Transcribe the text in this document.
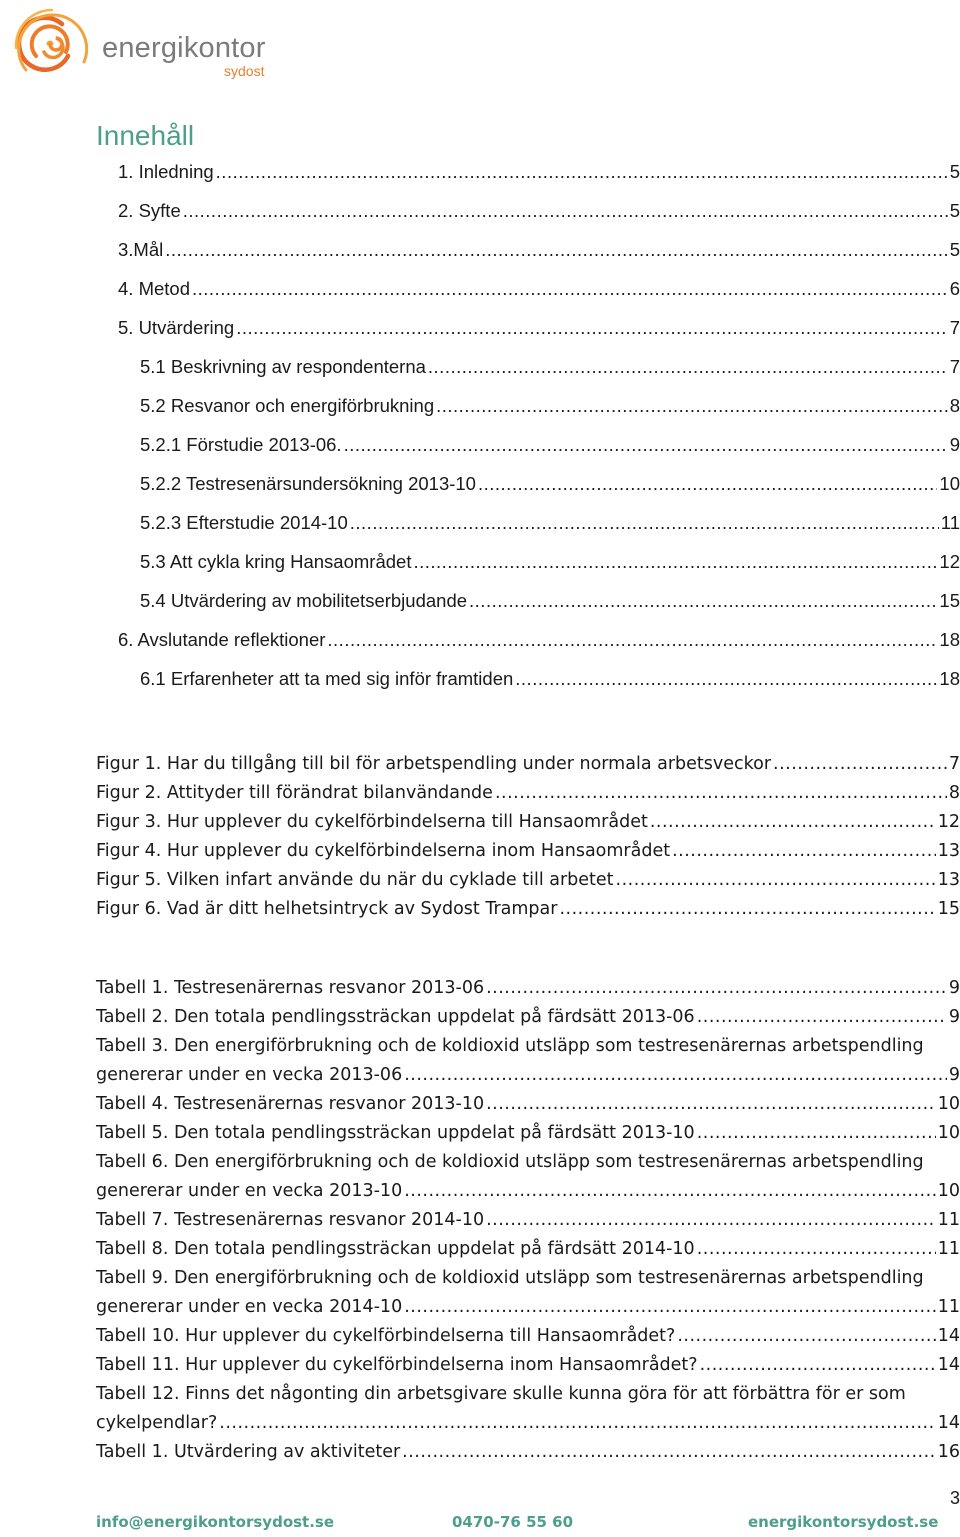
energikontor
sydost
Innehåll
1. Inledning .....	5
2. Syfte .....	5
3.Mål .....	5
4. Metod .....	6
5. Utvärdering .....	7
5.1 Beskrivning av respondenterna .....	7
5.2 Resvanor och energiförbrukning .....	8
5.2.1 Förstudie 2013-06. .....	9
5.2.2 Testresenärsundersökning 2013-10 .....	10
5.2.3 Efterstudie 2014-10 .....	11
5.3 Att cykla kring Hansaområdet .....	12
5.4 Utvärdering av mobilitetserbjudande .....	15
6. Avslutande reflektioner .....	18
6.1 Erfarenheter att ta med sig inför framtiden .....	18
Figur 1. Har du tillgång till bil för arbetspendling under normala arbetsveckor .....	7
Figur 2. Attityder till förändrat bilanvändande .....	8
Figur 3. Hur upplever du cykelförbindelserna till Hansaområdet .....	12
Figur 4. Hur upplever du cykelförbindelserna inom Hansaområdet .....	13
Figur 5. Vilken infart använde du när du cyklade till arbetet .....	13
Figur 6. Vad är ditt helhetsintryck av Sydost Trampar .....	15
Tabell 1. Testresenärernas resvanor 2013-06 .....	9
Tabell 2. Den totala pendlingssträckan uppdelat på färdsätt 2013-06 .....	9
Tabell 3. Den energiförbrukning och de koldioxid utsläpp som testresenärernas arbetspendling
genererar under en vecka 2013-06 .....	9
Tabell 4. Testresenärernas resvanor 2013-10 .....	10
Tabell 5. Den totala pendlingssträckan uppdelat på färdsätt 2013-10 .....	10
Tabell 6. Den energiförbrukning och de koldioxid utsläpp som testresenärernas arbetspendling
genererar under en vecka 2013-10 .....	10
Tabell 7. Testresenärernas resvanor 2014-10 .....	11
Tabell 8. Den totala pendlingssträckan uppdelat på färdsätt 2014-10 .....	11
Tabell 9. Den energiförbrukning och de koldioxid utsläpp som testresenärernas arbetspendling
genererar under en vecka 2014-10 .....	11
Tabell 10. Hur upplever du cykelförbindelserna till Hansaområdet? .....	14
Tabell 11. Hur upplever du cykelförbindelserna inom Hansaområdet? .....	14
Tabell 12. Finns det någonting din arbetsgivare skulle kunna göra för att förbättra för er som
cykelpendlar? .....	14
Tabell 1. Utvärdering av aktiviteter .....	16
3
info@energikontorsydost.se	0470-76 55 60	energikontorsydost.se
